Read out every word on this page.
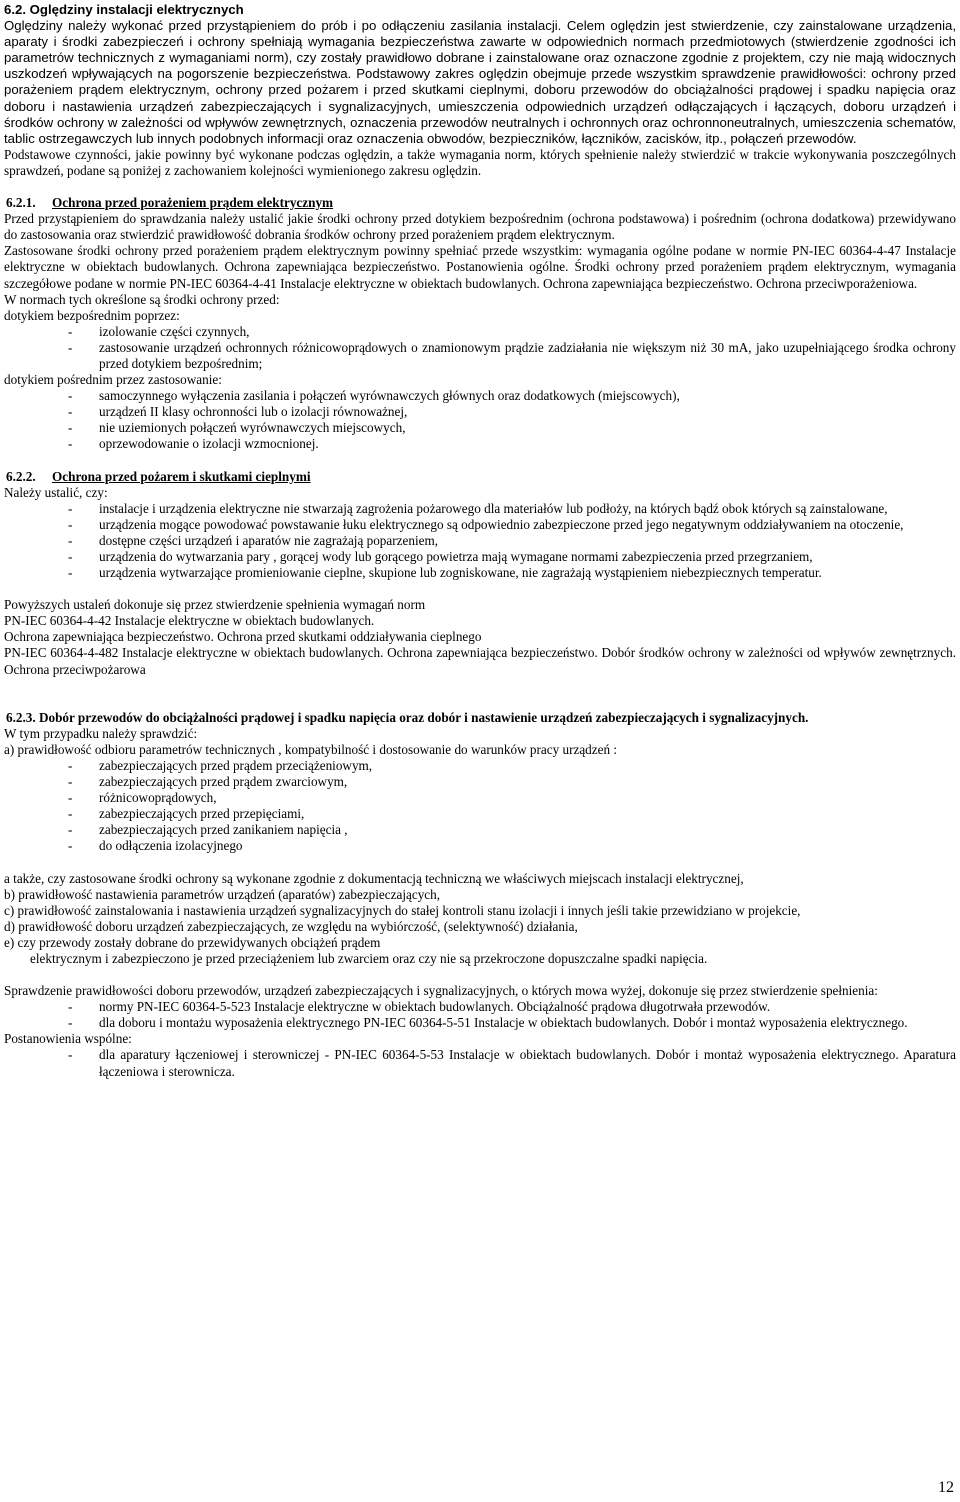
6.2. Oględziny instalacji elektrycznych

Oględziny należy wykonać przed przystąpieniem do prób i po odłączeniu zasilania instalacji. Celem oględzin jest stwierdzenie, czy zainstalowane urządzenia, aparaty i środki zabezpieczeń i ochrony spełniają wymagania bezpieczeństwa zawarte w odpowiednich normach przedmiotowych (stwierdzenie zgodności ich parametrów technicznych z wymaganiami norm), czy zostały prawidłowo dobrane i zainstalowane oraz oznaczone zgodnie z projektem, czy nie mają widocznych uszkodzeń wpływających na pogorszenie bezpieczeństwa. Podstawowy zakres oględzin obejmuje przede wszystkim sprawdzenie prawidłowości: ochrony przed porażeniem prądem elektrycznym, ochrony przed pożarem i przed skutkami cieplnymi, doboru przewodów do obciążalności prądowej i spadku napięcia oraz doboru i nastawienia urządzeń zabezpieczających i sygnalizacyjnych, umieszczenia odpowiednich urządzeń odłączających i łączących, doboru urządzeń i środków ochrony w zależności od wpływów zewnętrznych, oznaczenia przewodów neutralnych i ochronnych oraz ochronnoneutralnych, umieszczenia schematów, tablic ostrzegawczych lub innych podobnych informacji oraz oznaczenia obwodów, bezpieczników, łączników, zacisków, itp., połączeń przewodów.

Podstawowe czynności, jakie powinny być wykonane podczas oględzin, a także wymagania norm, których spełnienie należy stwierdzić w trakcie wykonywania poszczególnych sprawdzeń, podane są poniżej z zachowaniem kolejności wymienionego zakresu oględzin.

6.2.1. Ochrona przed porażeniem prądem elektrycznym

Przed przystąpieniem do sprawdzania należy ustalić jakie środki ochrony przed dotykiem bezpośrednim (ochrona podstawowa) i pośrednim (ochrona dodatkowa) przewidywano do zastosowania oraz stwierdzić prawidłowość dobrania środków ochrony przed porażeniem prądem elektrycznym.

Zastosowane środki ochrony przed porażeniem prądem elektrycznym powinny spełniać przede wszystkim: wymagania ogólne podane w normie PN-IEC 60364-4-47 Instalacje elektryczne w obiektach budowlanych. Ochrona zapewniająca bezpieczeństwo. Postanowienia ogólne. Środki ochrony przed porażeniem prądem elektrycznym, wymagania szczegółowe podane w normie PN-IEC 60364-4-41 Instalacje elektryczne w obiektach budowlanych. Ochrona zapewniająca bezpieczeństwo. Ochrona przeciwporażeniowa.

W normach tych określone są środki ochrony przed:

dotykiem bezpośrednim poprzez:

- izolowanie części czynnych,
- zastosowanie urządzeń ochronnych różnicowoprądowych o znamionowym prądzie zadziałania nie większym niż 30 mA, jako uzupełniającego środka ochrony przed dotykiem bezpośrednim;

dotykiem pośrednim przez zastosowanie:

- samoczynnego wyłączenia zasilania i połączeń wyrównawczych głównych oraz dodatkowych (miejscowych),
- urządzeń II klasy ochronności lub o izolacji równoważnej,
- nie uziemionych połączeń wyrównawczych miejscowych,
- oprzewodowanie o izolacji wzmocnionej.

6.2.2. Ochrona przed pożarem i skutkami cieplnymi

Należy ustalić, czy:

- instalacje i urządzenia elektryczne nie stwarzają zagrożenia pożarowego dla materiałów lub podłoży, na których bądź obok których są zainstalowane,
- urządzenia mogące powodować powstawanie łuku elektrycznego są odpowiednio zabezpieczone przed jego negatywnym oddziaływaniem na otoczenie,
- dostępne części urządzeń i aparatów nie zagrażają poparzeniem,
- urządzenia do wytwarzania pary , gorącej wody lub gorącego powietrza mają wymagane normami zabezpieczenia przed przegrzaniem,
- urządzenia wytwarzające promieniowanie cieplne, skupione lub zogniskowane, nie zagrażają wystąpieniem niebezpiecznych temperatur.

Powyższych ustaleń dokonuje się przez stwierdzenie spełnienia wymagań norm

PN-IEC 60364-4-42 Instalacje elektryczne w obiektach budowlanych.

Ochrona zapewniająca bezpieczeństwo. Ochrona przed skutkami oddziaływania cieplnego

PN-IEC 60364-4-482 Instalacje elektryczne w obiektach budowlanych. Ochrona zapewniająca bezpieczeństwo. Dobór środków ochrony w zależności od wpływów zewnętrznych. Ochrona przeciwpożarowa

6.2.3. Dobór przewodów do obciążalności prądowej i spadku napięcia oraz dobór i nastawienie urządzeń zabezpieczających i sygnalizacyjnych.

W tym przypadku należy sprawdzić:

a) prawidłowość odbioru parametrów technicznych , kompatybilność i dostosowanie do warunków pracy urządzeń :

- zabezpieczających przed prądem przeciążeniowym,
- zabezpieczających przed prądem zwarciowym,
- różnicowoprądowych,
- zabezpieczających przed przepięciami,
- zabezpieczających przed zanikaniem napięcia ,
- do odłączenia izolacyjnego

a także, czy zastosowane środki ochrony są wykonane zgodnie z dokumentacją techniczną we właściwych miejscach instalacji elektrycznej,

b) prawidłowość nastawienia parametrów urządzeń (aparatów) zabezpieczających,

c) prawidłowość zainstalowania i nastawienia urządzeń sygnalizacyjnych do stałej kontroli stanu izolacji i innych jeśli takie przewidziano w projekcie,

d) prawidłowość doboru urządzeń zabezpieczających, ze względu na wybiórczość, (selektywność) działania,

e) czy przewody zostały dobrane do przewidywanych obciążeń prądem

elektrycznym i zabezpieczono je przed przeciążeniem lub zwarciem oraz czy nie są przekroczone dopuszczalne spadki napięcia.

Sprawdzenie prawidłowości doboru przewodów, urządzeń zabezpieczających i sygnalizacyjnych, o których mowa wyżej, dokonuje się przez stwierdzenie spełnienia:

- normy PN-IEC 60364-5-523 Instalacje elektryczne w obiektach budowlanych. Obciążalność prądowa długotrwała przewodów.
- dla doboru i montażu wyposażenia elektrycznego PN-IEC 60364-5-51 Instalacje w obiektach budowlanych. Dobór i montaż wyposażenia elektrycznego.

Postanowienia wspólne:

- dla aparatury łączeniowej i sterowniczej - PN-IEC 60364-5-53 Instalacje w obiektach budowlanych. Dobór i montaż wyposażenia elektrycznego. Aparatura łączeniowa i sterownicza.
12
